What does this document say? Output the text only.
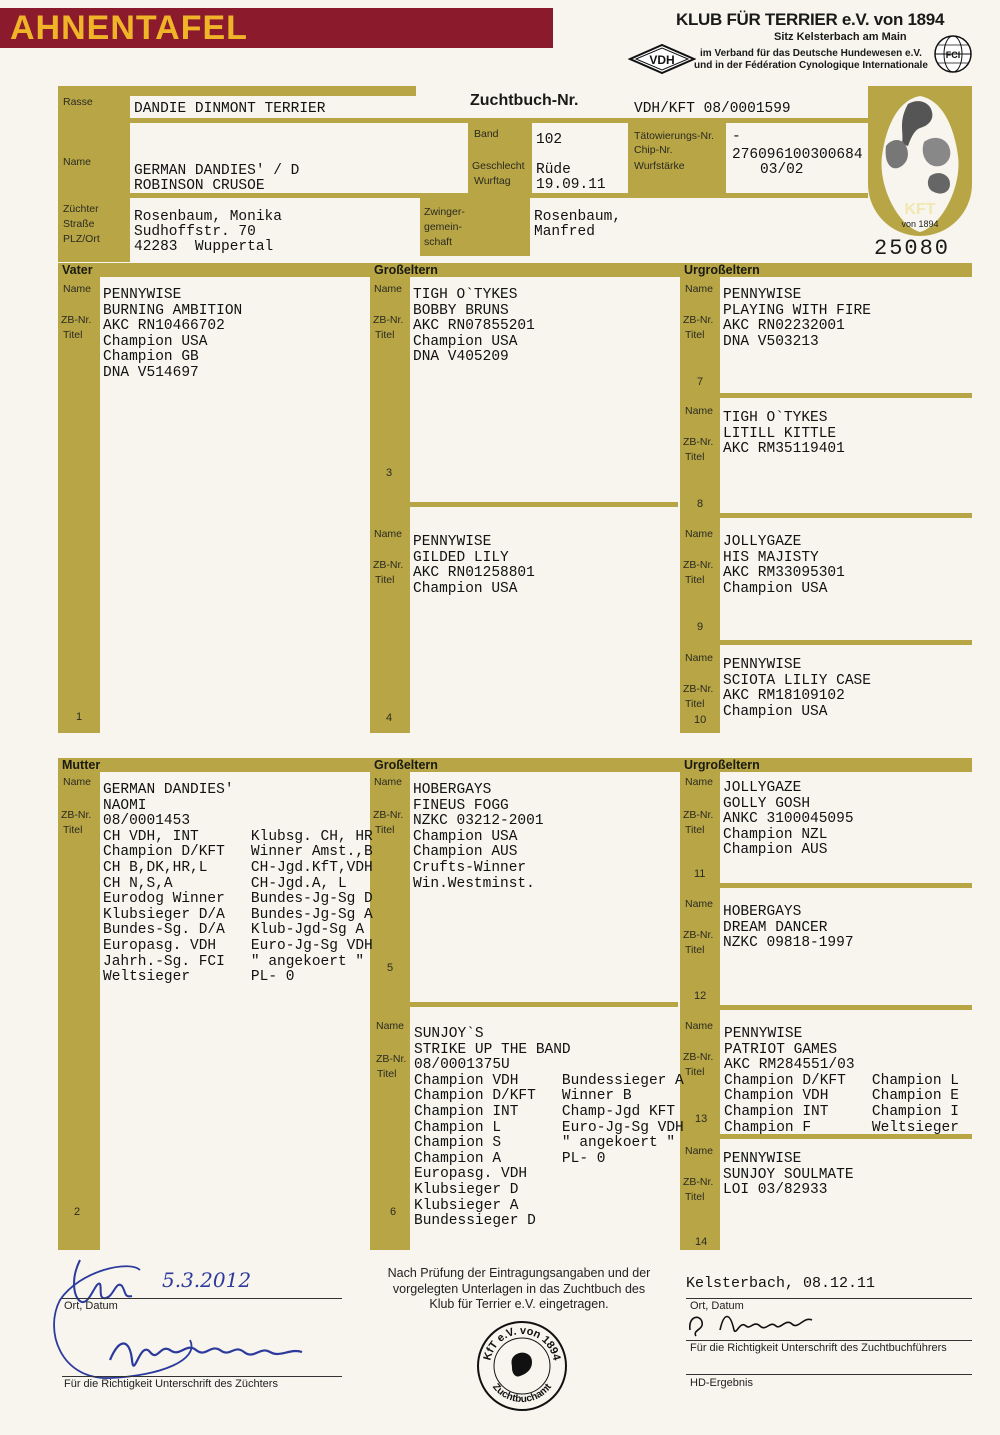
AHNENTAFEL	KLUB FÜR TERRIER e.V. von 1894
Sitz Kelsterbach am Main
VDH	im Verband für das Deutsche Hundewesen e.V.
und in der Fédération Cynologique Internationale
FCI
KFT
von 1894
25080
Rasse	DANDIE DINMONT TERRIER	Zuchtbuch-Nr.	VDH/KFT 08/0001599
Name
GERMAN DANDIES' / D
ROBINSON CRUSOE
Band	102
Geschlecht
Wurftag
Rüde
19.09.11
Tätowierungs-Nr.
Chip-Nr.
Wurfstärke
-
276096100300684
03/02
Züchter
Straße
PLZ/Ort
Rosenbaum, Monika
Sudhoffstr. 70
42283  Wuppertal
Zwinger-
gemein-
schaft
Rosenbaum,
Manfred
Vater	Großeltern	Urgroßeltern
Mutter	Großeltern	Urgroßeltern
Name
ZB-Nr.
Titel
PENNYWISE
BURNING AMBITION
AKC RN10466702
Champion USA
Champion GB
DNA V514697
1
Name
ZB-Nr.
Titel
TIGH O`TYKES
BOBBY BRUNS
AKC RN07855201
Champion USA
DNA V405209
3
Name
ZB-Nr.
Titel
PENNYWISE
GILDED LILY
AKC RN01258801
Champion USA
4
Name
ZB-Nr.
Titel
PENNYWISE
PLAYING WITH FIRE
AKC RN02232001
DNA V503213
7
Name
ZB-Nr.
Titel
TIGH O`TYKES
LITILL KITTLE
AKC RM35119401
8
Name
ZB-Nr.
Titel
JOLLYGAZE
HIS MAJISTY
AKC RM33095301
Champion USA
9
Name
ZB-Nr.
Titel
PENNYWISE
SCIOTA LILIY CASE
AKC RM18109102
Champion USA
10
Name
ZB-Nr.
Titel
GERMAN DANDIES'
NAOMI
08/0001453
CH VDH, INT      Klubsg. CH, HR
Champion D/KFT   Winner Amst.,B
CH B,DK,HR,L     CH-Jgd.KfT,VDH
CH N,S,A         CH-Jgd.A, L
Eurodog Winner   Bundes-Jg-Sg D
Klubsieger D/A   Bundes-Jg-Sg A
Bundes-Sg. D/A   Klub-Jgd-Sg A
Europasg. VDH    Euro-Jg-Sg VDH
Jahrh.-Sg. FCI   " angekoert "
Weltsieger       PL- 0
2
Name
ZB-Nr.
Titel
HOBERGAYS
FINEUS FOGG
NZKC 03212-2001
Champion USA
Champion AUS
Crufts-Winner
Win.Westminst.
5
Name
ZB-Nr.
Titel
SUNJOY`S
STRIKE UP THE BAND
08/0001375U
Champion VDH     Bundessieger A
Champion D/KFT   Winner B
Champion INT     Champ-Jgd KFT
Champion L       Euro-Jg-Sg VDH
Champion S       " angekoert "
Champion A       PL- 0
Europasg. VDH
Klubsieger D
Klubsieger A
Bundessieger D
6
Name
ZB-Nr.
Titel
JOLLYGAZE
GOLLY GOSH
ANKC 3100045095
Champion NZL
Champion AUS
11
Name
ZB-Nr.
Titel
HOBERGAYS
DREAM DANCER
NZKC 09818-1997
12
Name
ZB-Nr.
Titel
PENNYWISE
PATRIOT GAMES
AKC RM284551/03
Champion D/KFT   Champion L
Champion VDH     Champion E
Champion INT     Champion I
Champion F       Weltsieger
13
Name
ZB-Nr.
Titel
PENNYWISE
SUNJOY SOULMATE
LOI 03/82933
14
5.3.2012
Ort, Datum
Für die Richtigkeit Unterschrift des Züchters
Nach Prüfung der Eintragungsangaben und der
vorgelegten Unterlagen in das Zuchtbuch des
Klub für Terrier e.V. eingetragen.
KfT e.V. von 1894
Zuchtbuchamt
Kelsterbach, 08.12.11
Ort, Datum
Für die Richtigkeit Unterschrift des Zuchtbuchführers
HD-Ergebnis
